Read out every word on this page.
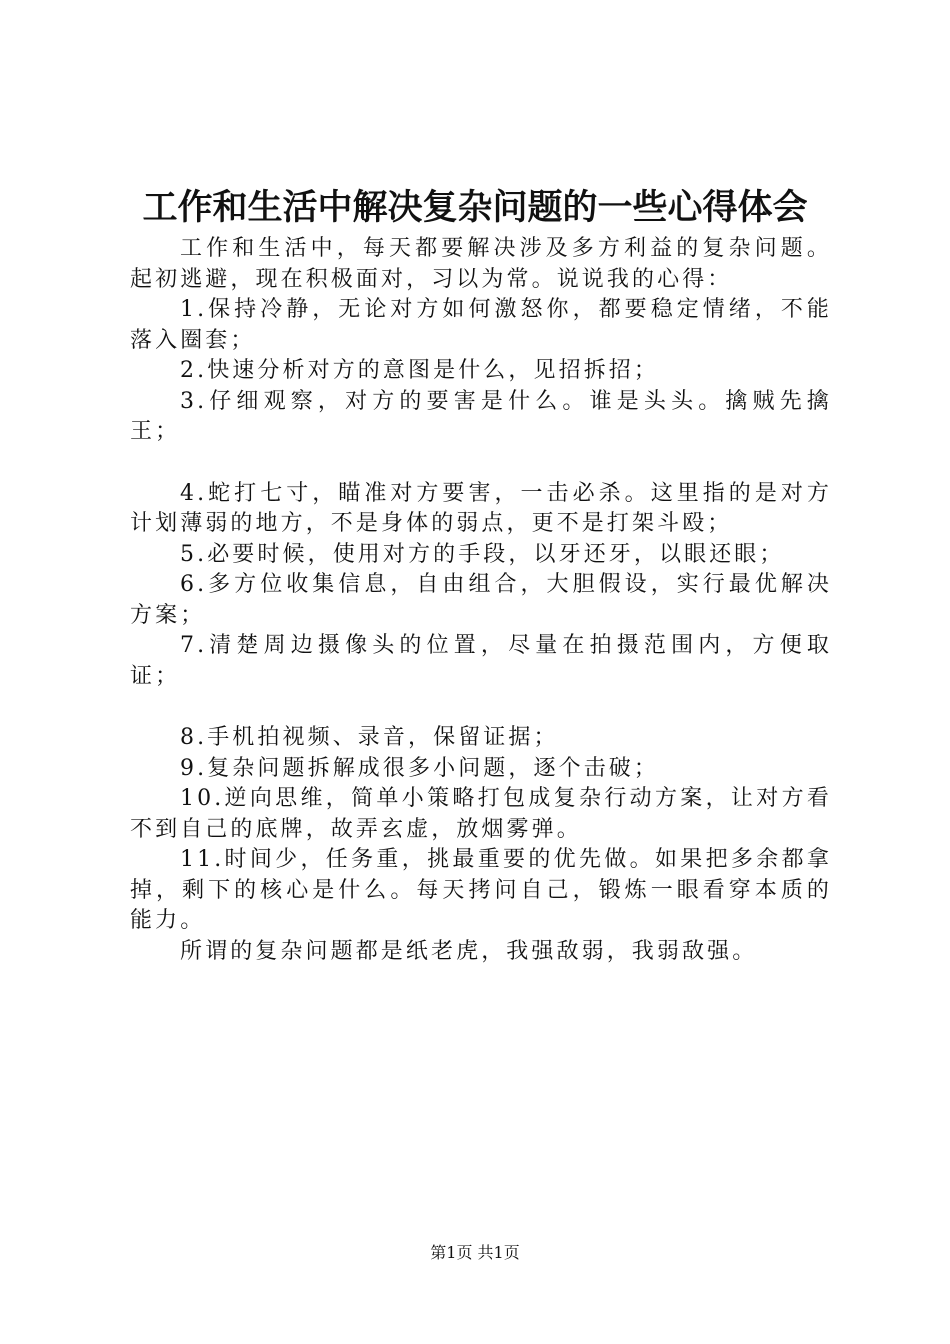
工作和生活中解决复杂问题的一些心得体会

工作和生活中，每天都要解决涉及多方利益的复杂问题。起初逃避，现在积极面对，习以为常。说说我的心得：

1.保持冷静，无论对方如何激怒你，都要稳定情绪，不能落入圈套；

2.快速分析对方的意图是什么，见招拆招；

3.仔细观察，对方的要害是什么。谁是头头。擒贼先擒王；

4.蛇打七寸，瞄准对方要害，一击必杀。这里指的是对方计划薄弱的地方，不是身体的弱点，更不是打架斗殴；

5.必要时候，使用对方的手段，以牙还牙，以眼还眼；

6.多方位收集信息，自由组合，大胆假设，实行最优解决方案；

7.清楚周边摄像头的位置，尽量在拍摄范围内，方便取证；

8.手机拍视频、录音，保留证据；

9.复杂问题拆解成很多小问题，逐个击破；

10.逆向思维，简单小策略打包成复杂行动方案，让对方看不到自己的底牌，故弄玄虚，放烟雾弹。

11.时间少，任务重，挑最重要的优先做。如果把多余都拿掉，剩下的核心是什么。每天拷问自己，锻炼一眼看穿本质的能力。

所谓的复杂问题都是纸老虎，我强敌弱，我弱敌强。

第1页 共1页
